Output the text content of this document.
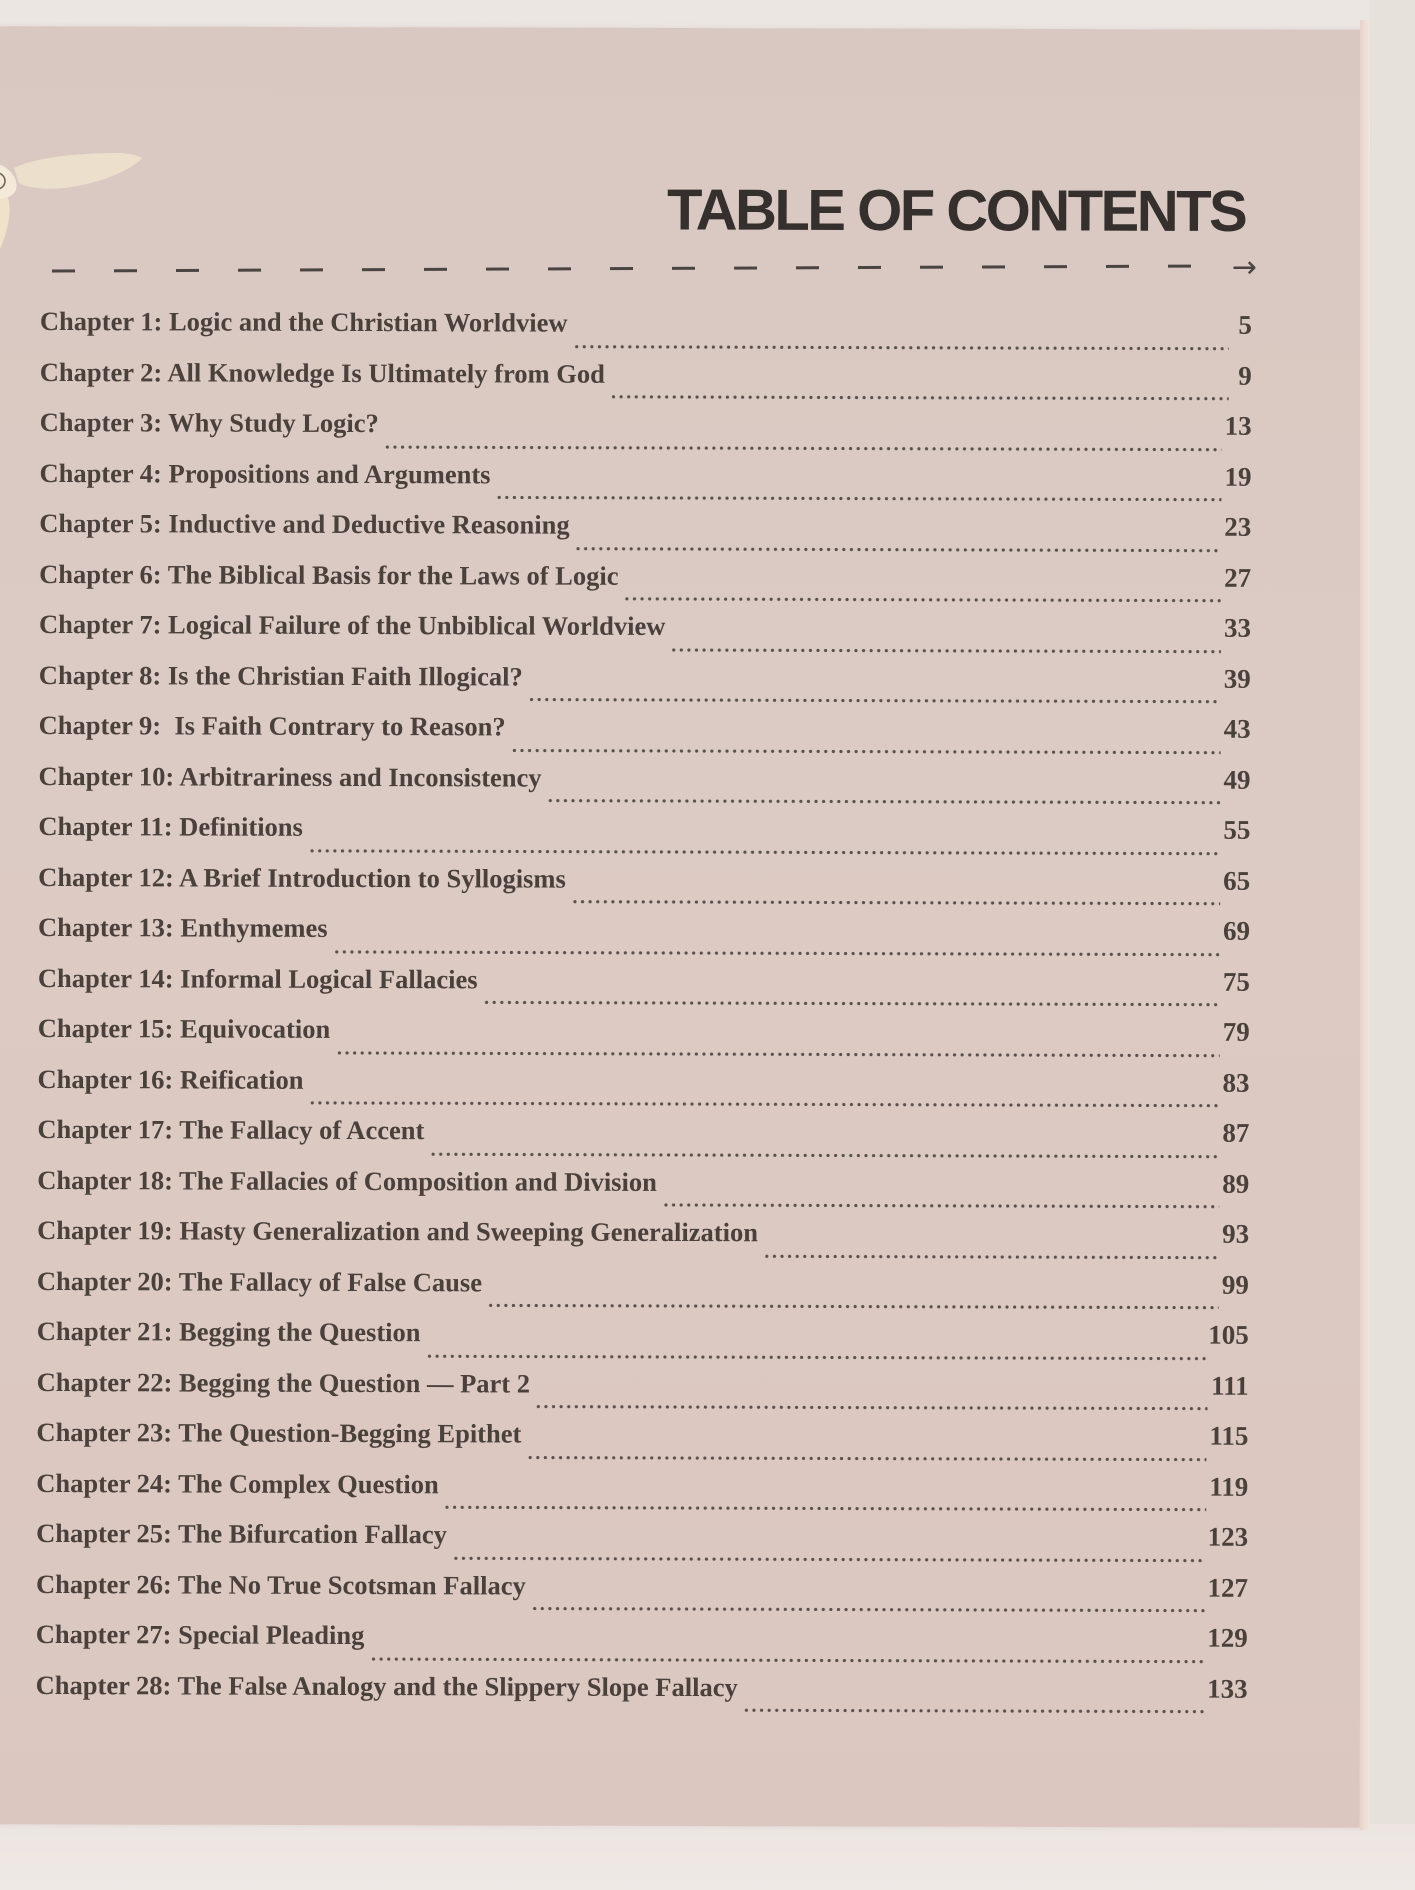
TABLE OF CONTENTS
→
Chapter 1: Logic and the Christian Worldview	5
Chapter 2: All Knowledge Is Ultimately from God	9
Chapter 3: Why Study Logic?	13
Chapter 4: Propositions and Arguments	19
Chapter 5: Inductive and Deductive Reasoning	23
Chapter 6: The Biblical Basis for the Laws of Logic	27
Chapter 7: Logical Failure of the Unbiblical Worldview	33
Chapter 8: Is the Christian Faith Illogical?	39
Chapter 9:  Is Faith Contrary to Reason?	43
Chapter 10: Arbitrariness and Inconsistency	49
Chapter 11: Definitions	55
Chapter 12: A Brief Introduction to Syllogisms	65
Chapter 13: Enthymemes	69
Chapter 14: Informal Logical Fallacies	75
Chapter 15: Equivocation	79
Chapter 16: Reification	83
Chapter 17: The Fallacy of Accent	87
Chapter 18: The Fallacies of Composition and Division	89
Chapter 19: Hasty Generalization and Sweeping Generalization	93
Chapter 20: The Fallacy of False Cause	99
Chapter 21: Begging the Question	105
Chapter 22: Begging the Question — Part 2	111
Chapter 23: The Question-Begging Epithet	115
Chapter 24: The Complex Question	119
Chapter 25: The Bifurcation Fallacy	123
Chapter 26: The No True Scotsman Fallacy	127
Chapter 27: Special Pleading	129
Chapter 28: The False Analogy and the Slippery Slope Fallacy	133
